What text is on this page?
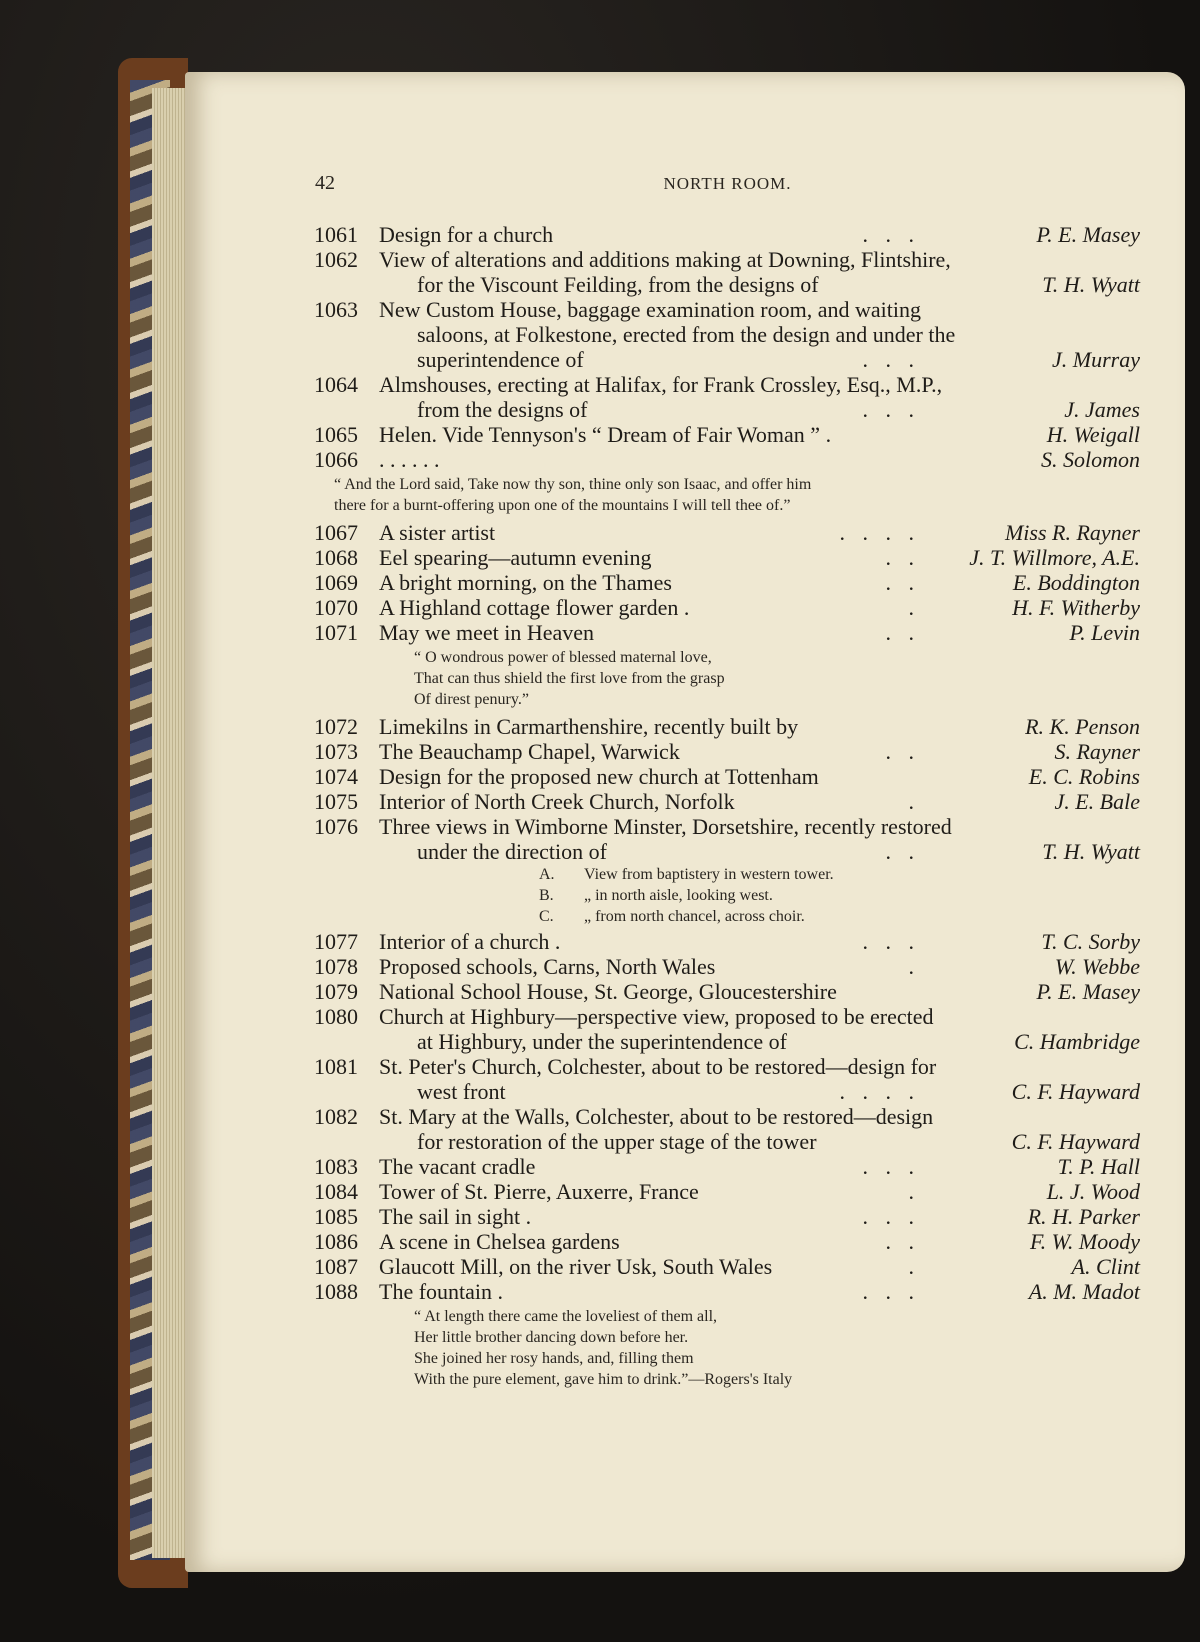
42	NORTH ROOM.
1061 Design for a church	. . .	P. E. Masey
1062 View of alterations and additions making at Downing, Flintshire,
for the Viscount Feilding, from the designs of	T. H. Wyatt
1063 New Custom House, baggage examination room, and waiting
saloons, at Folkestone, erected from the design and under the
superintendence of	. . .	J. Murray
1064 Almshouses, erecting at Halifax, for Frank Crossley, Esq., M.P.,
from the designs of	. . .	J. James
1065 Helen. Vide Tennyson's “ Dream of Fair Woman ” .	H. Weigall
1066 . . . . . .	S. Solomon
“ And the Lord said, Take now thy son, thine only son Isaac, and offer him
there for a burnt-offering upon one of the mountains I will tell thee of.”
1067 A sister artist	. . . .	Miss R. Rayner
1068 Eel spearing—autumn evening	. . J. T. Willmore, A.E.
1069 A bright morning, on the Thames	. .	E. Boddington
1070 A Highland cottage flower garden .	.	H. F. Witherby
1071 May we meet in Heaven	. .	P. Levin
“ O wondrous power of blessed maternal love,
That can thus shield the first love from the grasp
Of direst penury.”
1072 Limekilns in Carmarthenshire, recently built by	R. K. Penson
1073 The Beauchamp Chapel, Warwick	. .	S. Rayner
1074 Design for the proposed new church at Tottenham	E. C. Robins
1075 Interior of North Creek Church, Norfolk	.	J. E. Bale
1076 Three views in Wimborne Minster, Dorsetshire, recently restored
under the direction of	. .	T. H. Wyatt
A. View from baptistery in western tower.
B. „ in north aisle, looking west.
C. „ from north chancel, across choir.
1077 Interior of a church .	. . .	T. C. Sorby
1078 Proposed schools, Carns, North Wales	.	W. Webbe
1079 National School House, St. George, Gloucestershire	P. E. Masey
1080 Church at Highbury—perspective view, proposed to be erected
at Highbury, under the superintendence of	C. Hambridge
1081 St. Peter's Church, Colchester, about to be restored—design for
west front	. . . .	C. F. Hayward
1082 St. Mary at the Walls, Colchester, about to be restored—design
for restoration of the upper stage of the tower	C. F. Hayward
1083 The vacant cradle	. . .	T. P. Hall
1084 Tower of St. Pierre, Auxerre, France	.	L. J. Wood
1085 The sail in sight .	. . .	R. H. Parker
1086 A scene in Chelsea gardens	. .	F. W. Moody
1087 Glaucott Mill, on the river Usk, South Wales	.	A. Clint
1088 The fountain .	. . .	A. M. Madot
“ At length there came the loveliest of them all,
Her little brother dancing down before her.
She joined her rosy hands, and, filling them
With the pure element, gave him to drink.”—Rogers's Italy
